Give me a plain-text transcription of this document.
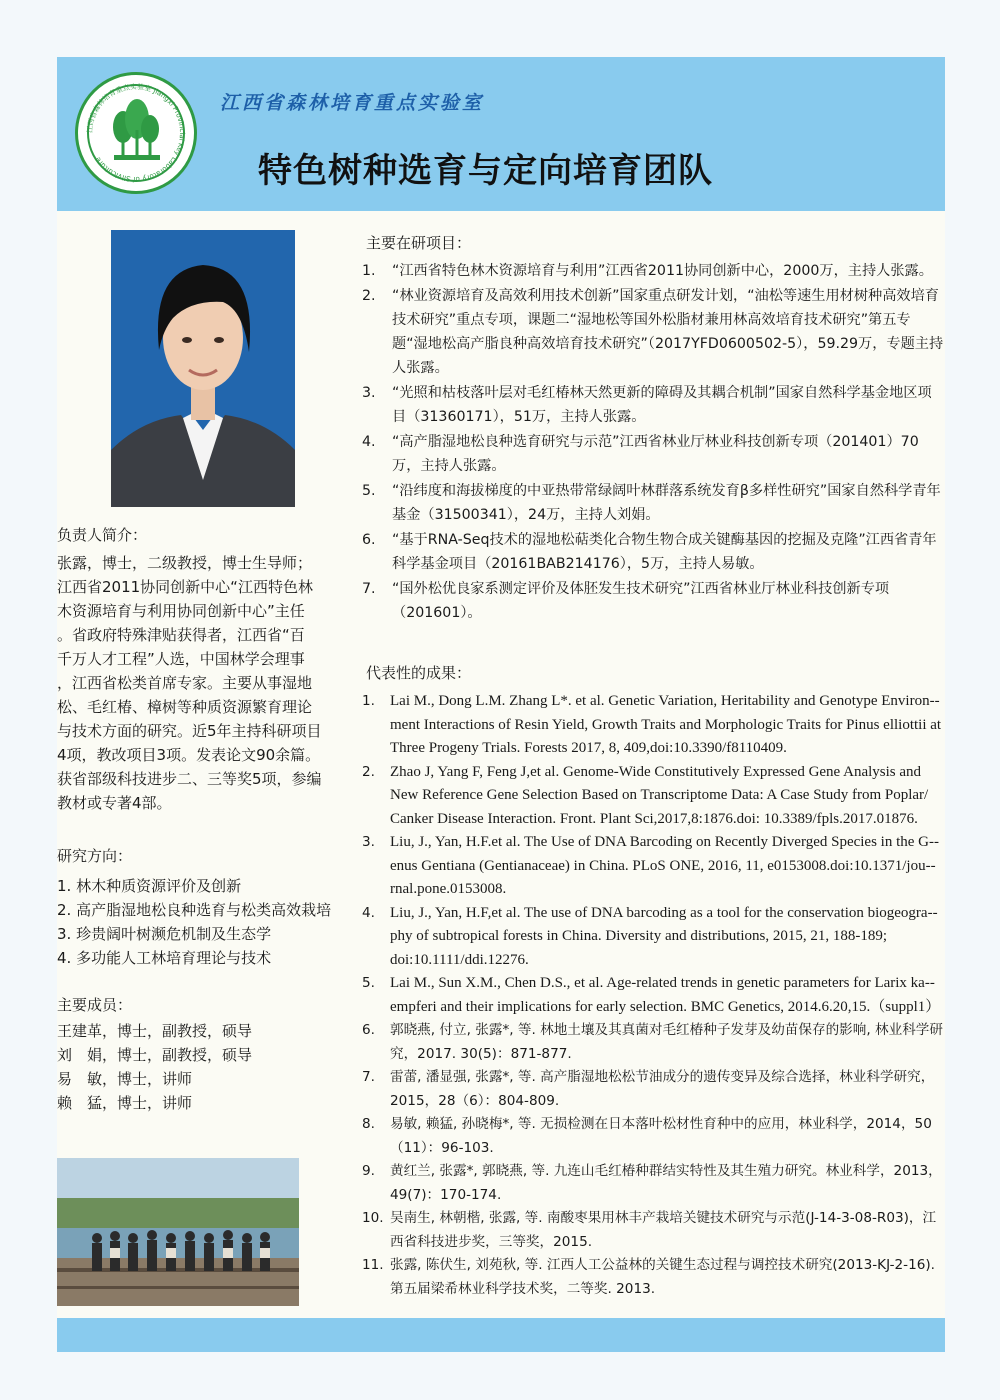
江西省森林培育重点实验室 Jiangxi Provincial Key Laboratory of Silviculture
江西省森林培育重点实验室
特色树种选育与定向培育团队
负责人简介：

张露，博士，二级教授，博士生导师；

江西省2011协同创新中心“江西特色林

木资源培育与利用协同创新中心”主任

。省政府特殊津贴获得者，江西省“百

千万人才工程”人选，中国林学会理事

，江西省松类首席专家。主要从事湿地

松、毛红椿、樟树等种质资源繁育理论

与技术方面的研究。近5年主持科研项目

4项，教改项目3项。发表论文90余篇。

获省部级科技进步二、三等奖5项，参编

教材或专著4部。

研究方向：

1. 林木种质资源评价及创新

2. 高产脂湿地松良种选育与松类高效栽培

3. 珍贵阔叶树濒危机制及生态学

4. 多功能人工林培育理论与技术

主要成员：

王建革，博士，副教授，硕导

刘　娟，博士，副教授，硕导

易　敏，博士，讲师

赖　猛，博士，讲师

主要在研项目：
1. “江西省特色林木资源培育与利用”江西省2011协同创新中心，2000万，主持人张露。
2. “林业资源培育及高效利用技术创新”国家重点研发计划，“油松等速生用材树种高效培育技术研究”重点专项，课题二“湿地松等国外松脂材兼用林高效培育技术研究”第五专题“湿地松高产脂良种高效培育技术研究”（2017YFD0600502-5），59.29万，专题主持人张露。
3. “光照和枯枝落叶层对毛红椿林天然更新的障碍及其耦合机制”国家自然科学基金地区项目（31360171），51万，主持人张露。
4. “高产脂湿地松良种选育研究与示范”江西省林业厅林业科技创新专项（201401）70万，主持人张露。
5. “沿纬度和海拔梯度的中亚热带常绿阔叶林群落系统发育β多样性研究”国家自然科学青年基金（31500341），24万，主持人刘娟。
6. “基于RNA-Seq技术的湿地松萜类化合物生物合成关键酶基因的挖掘及克隆”江西省青年科学基金项目（20161BAB214176），5万，主持人易敏。
7. “国外松优良家系测定评价及体胚发生技术研究”江西省林业厅林业科技创新专项（201601）。
代表性的成果：
1. Lai M., Dong L.M. Zhang L*. et al. Genetic Variation, Heritability and Genotype Environ--ment Interactions of Resin Yield, Growth Traits and Morphologic Traits for Pinus elliottii at Three Progeny Trials. Forests 2017, 8, 409,doi:10.3390/f8110409.
2. Zhao J, Yang F, Feng J,et al. Genome-Wide Constitutively Expressed Gene Analysis and New Reference Gene Selection Based on Transcriptome Data: A Case Study from Poplar/ Canker Disease Interaction. Front. Plant Sci,2017,8:1876.doi: 10.3389/fpls.2017.01876.
3. Liu, J., Yan, H.F.et al. The Use of DNA Barcoding on Recently Diverged Species in the G--enus Gentiana (Gentianaceae) in China. PLoS ONE, 2016, 11, e0153008.doi:10.1371/jou--rnal.pone.0153008.
4. Liu, J., Yan, H.F,et al. The use of DNA barcoding as a tool for the conservation biogeogra--phy of subtropical forests in China. Diversity and distributions, 2015, 21, 188-189; doi:10.1111/ddi.12276.
5. Lai M., Sun X.M., Chen D.S., et al. Age-related trends in genetic parameters for Larix ka--empferi and their implications for early selection. BMC Genetics, 2014.6.20,15.（suppl1）
6. 郭晓燕, 付立, 张露*, 等. 林地土壤及其真菌对毛红椿种子发芽及幼苗保存的影响, 林业科学研究，2017. 30(5)：871-877.
7. 雷蕾, 潘显强, 张露*, 等. 高产脂湿地松松节油成分的遗传变异及综合选择，林业科学研究，2015，28（6）：804-809.
8. 易敏, 赖猛, 孙晓梅*, 等. 无损检测在日本落叶松材性育种中的应用，林业科学，2014，50（11）：96-103.
9. 黄红兰, 张露*, 郭晓燕, 等. 九连山毛红椿种群结实特性及其生殖力研究。林业科学，2013，49(7)：170-174.
10. 吴南生, 林朝楷, 张露, 等. 南酸枣果用林丰产栽培关键技术研究与示范(J-14-3-08-R03)，江西省科技进步奖，三等奖，2015.
11. 张露, 陈伏生, 刘苑秋, 等. 江西人工公益林的关键生态过程与调控技术研究(2013-KJ-2-16). 第五届梁希林业科学技术奖，二等奖. 2013.
